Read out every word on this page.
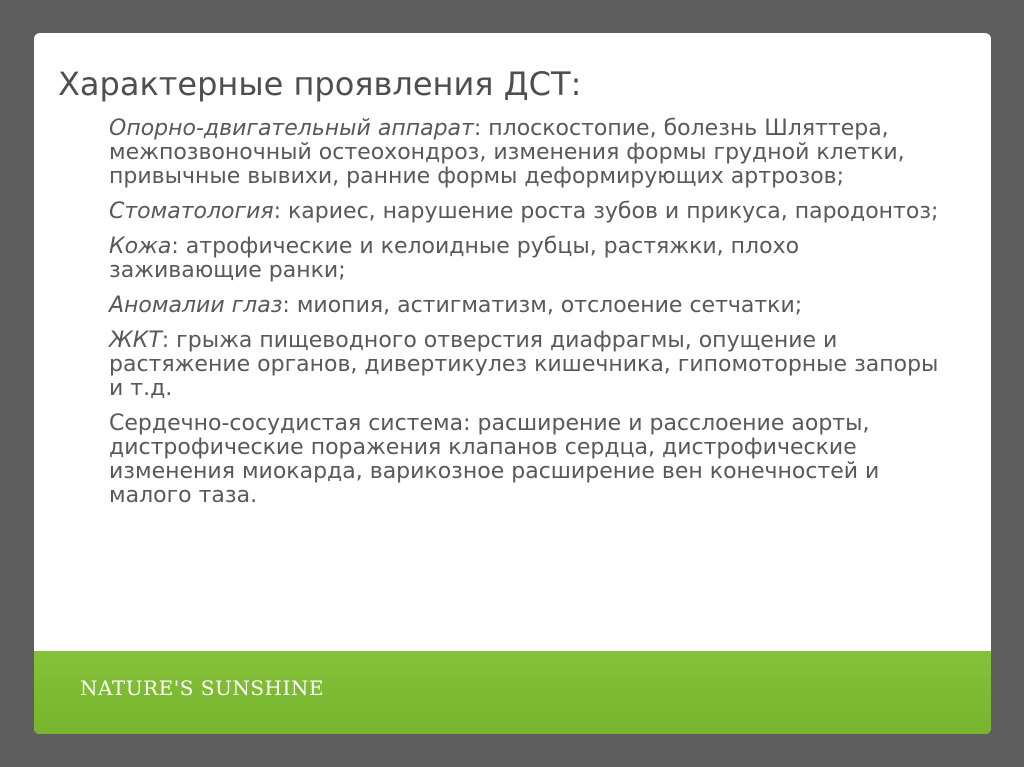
Характерные проявления ДСТ:
Опорно-двигательный аппарат: плоскостопие, болезнь Шляттера, межпозвоночный остеохондроз, изменения формы грудной клетки, привычные вывихи, ранние формы деформирующих артрозов;
Стоматология: кариес, нарушение роста зубов и прикуса, пародонтоз;
Кожа: атрофические и келоидные рубцы, растяжки, плохо заживающие ранки;
Аномалии глаз: миопия, астигматизм, отслоение сетчатки;
ЖКТ: грыжа пищеводного отверстия диафрагмы, опущение и растяжение органов, дивертикулез кишечника, гипомоторные запоры и т.д.
Сердечно-сосудистая система: расширение и расслоение аорты, дистрофические поражения клапанов сердца, дистрофические изменения миокарда, варикозное расширение вен конечностей и малого таза.
NATURE'S SUNSHINE
